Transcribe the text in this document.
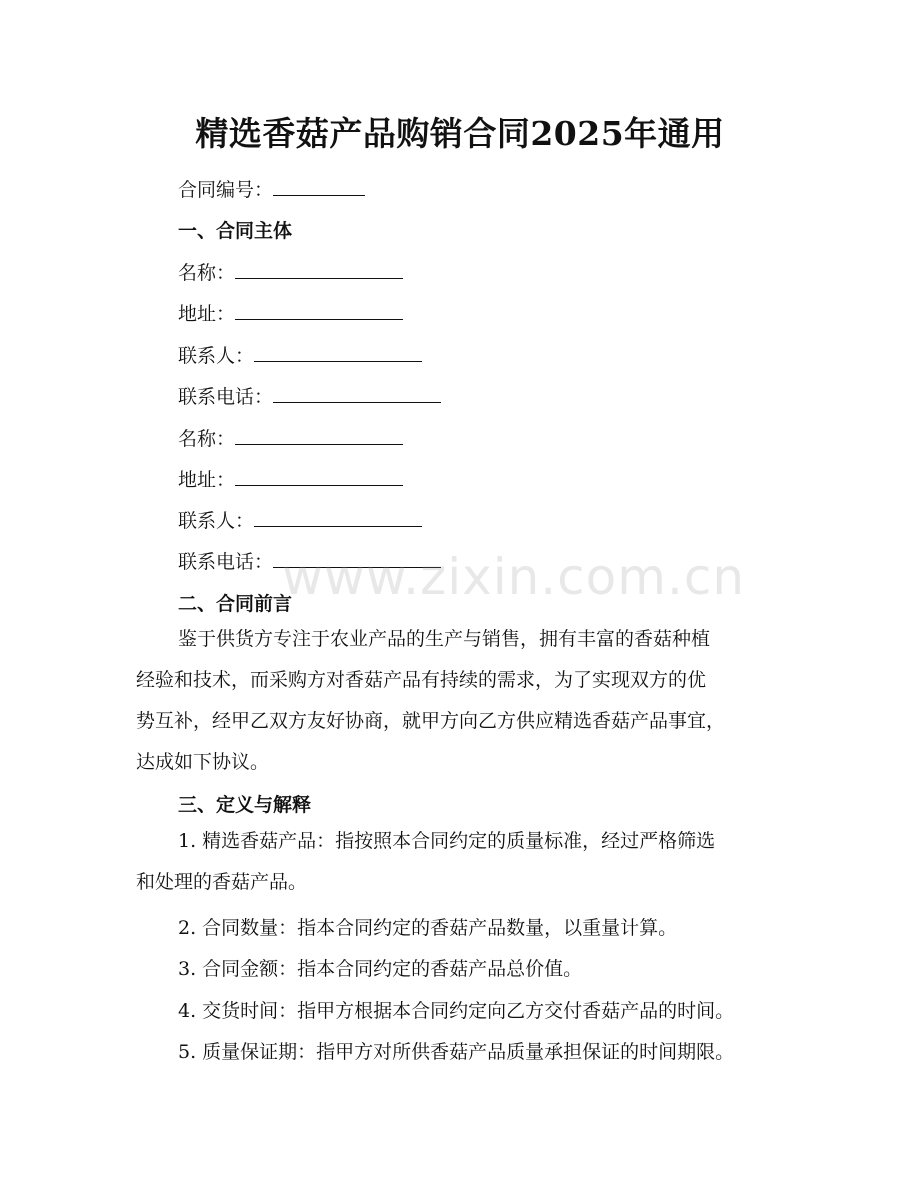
精选香菇产品购销合同2025年通用
合同编号：
一、合同主体
名称：
地址：
联系人：
联系电话：
名称：
地址：
联系人：
联系电话： www.zixin.com.cn
二、合同前言
鉴于供货方专注于农业产品的生产与销售，拥有丰富的香菇种植
经验和技术，而采购方对香菇产品有持续的需求，为了实现双方的优
势互补，经甲乙双方友好协商，就甲方向乙方供应精选香菇产品事宜，
达成如下协议。
三、定义与解释
1. 精选香菇产品：指按照本合同约定的质量标准，经过严格筛选
和处理的香菇产品。
2. 合同数量：指本合同约定的香菇产品数量，以重量计算。
3. 合同金额：指本合同约定的香菇产品总价值。
4. 交货时间：指甲方根据本合同约定向乙方交付香菇产品的时间。
5. 质量保证期：指甲方对所供香菇产品质量承担保证的时间期限。
